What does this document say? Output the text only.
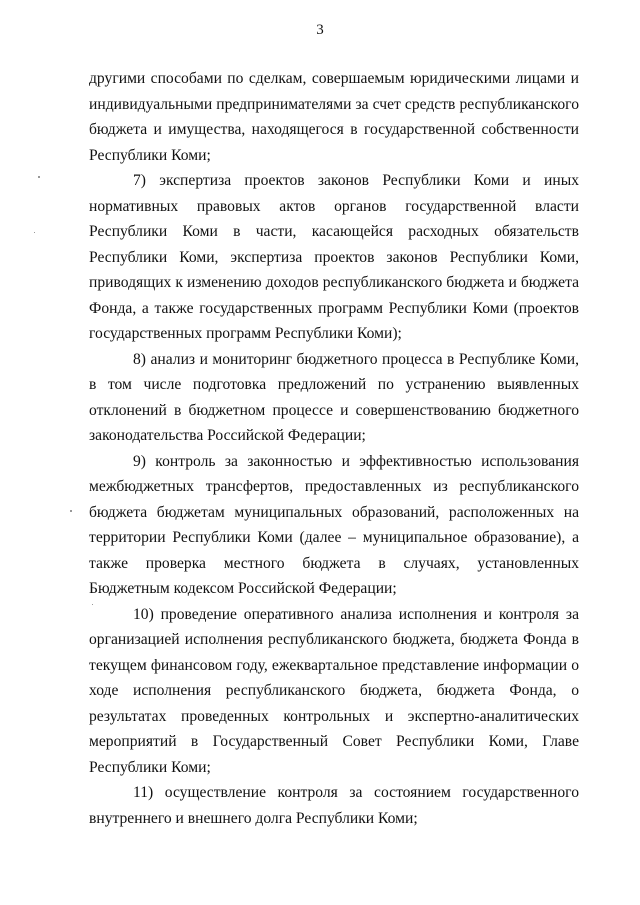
3

другими способами по сделкам, совершаемым юридическими лицами и индивидуальными предпринимателями за счет средств республиканского бюджета и имущества, находящегося в государственной собственности Республики Коми;

7) экспертиза проектов законов Республики Коми и иных нормативных правовых актов органов государственной власти Республики Коми в части, касающейся расходных обязательств Республики Коми, экспертиза проектов законов Республики Коми, приводящих к изменению доходов республиканского бюджета и бюджета Фонда, а также государственных программ Республики Коми (проектов государственных программ Республики Коми);

8) анализ и мониторинг бюджетного процесса в Республике Коми, в том числе подготовка предложений по устранению выявленных отклонений в бюджетном процессе и совершенствованию бюджетного законодательства Российской Федерации;

9) контроль за законностью и эффективностью использования межбюджетных трансфертов, предоставленных из республиканского бюджета бюджетам муниципальных образований, расположенных на территории Республики Коми (далее – муниципальное образование), а также проверка местного бюджета в случаях, установленных Бюджетным кодексом Российской Федерации;

10) проведение оперативного анализа исполнения и контроля за организацией исполнения республиканского бюджета, бюджета Фонда в текущем финансовом году, ежеквартальное представление информации о ходе исполнения республиканского бюджета, бюджета Фонда, о результатах проведенных контрольных и экспертно-аналитических мероприятий в Государственный Совет Республики Коми, Главе Республики Коми;

11) осуществление контроля за состоянием государственного внутреннего и внешнего долга Республики Коми;
